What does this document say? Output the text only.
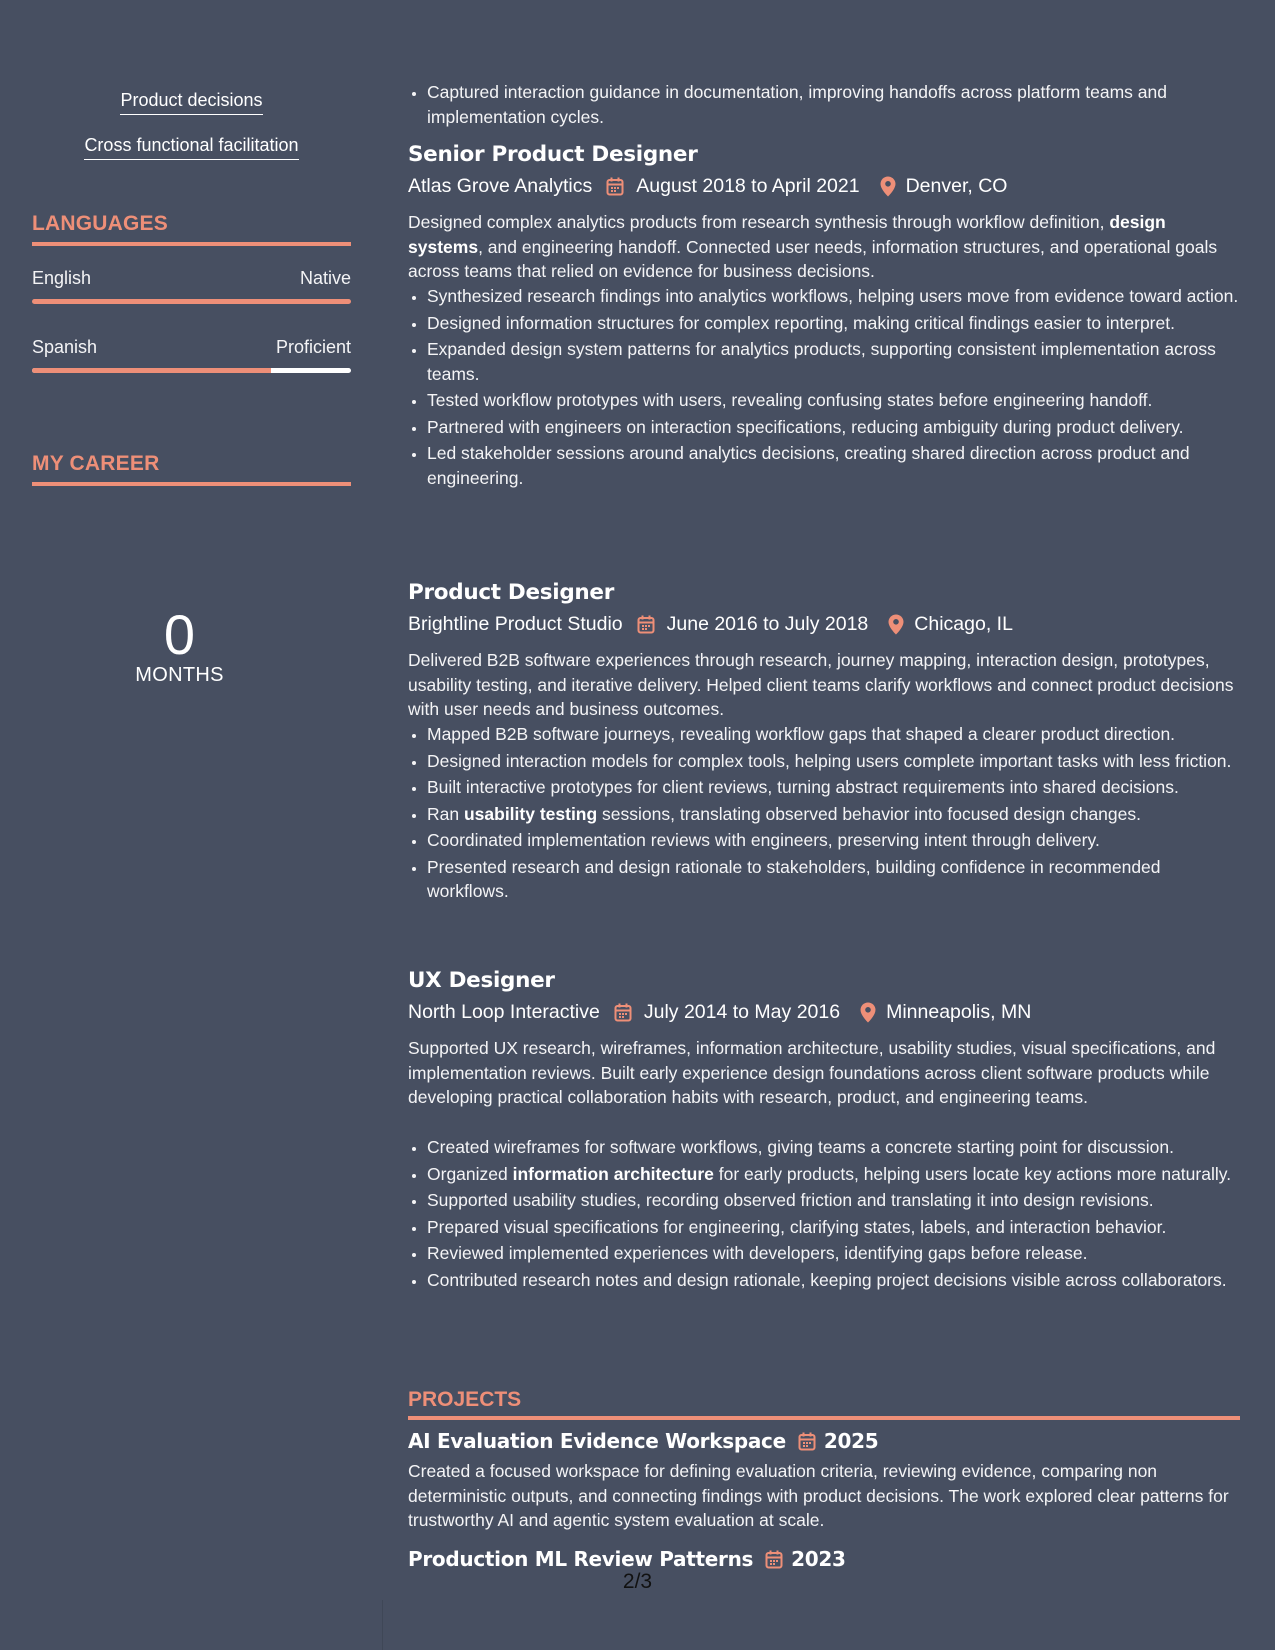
Product decisions
Cross functional facilitation
LANGUAGES
English	Native
Spanish	Proficient
MY CAREER
0
MONTHS
• Captured interaction guidance in documentation, improving handoffs across platform teams and implementation cycles.
Senior Product Designer
Atlas Grove Analytics August 2018 to April 2021 Denver, CO

Designed complex analytics products from research synthesis through workflow definition, design systems, and engineering handoff. Connected user needs, information structures, and operational goals across teams that relied on evidence for business decisions.

• Synthesized research findings into analytics workflows, helping users move from evidence toward action.
• Designed information structures for complex reporting, making critical findings easier to interpret.
• Expanded design system patterns for analytics products, supporting consistent implementation across teams.
• Tested workflow prototypes with users, revealing confusing states before engineering handoff.
• Partnered with engineers on interaction specifications, reducing ambiguity during product delivery.
• Led stakeholder sessions around analytics decisions, creating shared direction across product and engineering.
Product Designer
Brightline Product Studio June 2016 to July 2018 Chicago, IL

Delivered B2B software experiences through research, journey mapping, interaction design, prototypes, usability testing, and iterative delivery. Helped client teams clarify workflows and connect product decisions with user needs and business outcomes.

• Mapped B2B software journeys, revealing workflow gaps that shaped a clearer product direction.
• Designed interaction models for complex tools, helping users complete important tasks with less friction.
• Built interactive prototypes for client reviews, turning abstract requirements into shared decisions.
• Ran usability testing sessions, translating observed behavior into focused design changes.
• Coordinated implementation reviews with engineers, preserving intent through delivery.
• Presented research and design rationale to stakeholders, building confidence in recommended workflows.
UX Designer
North Loop Interactive July 2014 to May 2016 Minneapolis, MN

Supported UX research, wireframes, information architecture, usability studies, visual specifications, and implementation reviews. Built early experience design foundations across client software products while developing practical collaboration habits with research, product, and engineering teams.

• Created wireframes for software workflows, giving teams a concrete starting point for discussion.
• Organized information architecture for early products, helping users locate key actions more naturally.
• Supported usability studies, recording observed friction and translating it into design revisions.
• Prepared visual specifications for engineering, clarifying states, labels, and interaction behavior.
• Reviewed implemented experiences with developers, identifying gaps before release.
• Contributed research notes and design rationale, keeping project decisions visible across collaborators.
PROJECTS
AI Evaluation Evidence Workspace 2025

Created a focused workspace for defining evaluation criteria, reviewing evidence, comparing non deterministic outputs, and connecting findings with product decisions. The work explored clear patterns for trustworthy AI and agentic system evaluation at scale.

Production ML Review Patterns 2023
2/3
